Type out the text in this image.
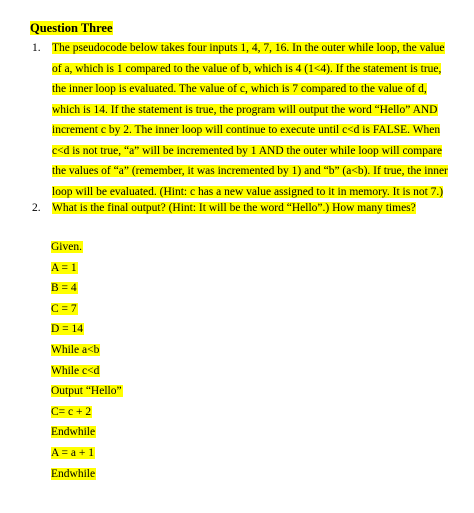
Question Three
1. The pseudocode below takes four inputs 1, 4, 7, 16. In the outer while loop, the value
of a, which is 1 compared to the value of b, which is 4 (1<4). If the statement is true,
the inner loop is evaluated. The value of c, which is 7 compared to the value of d,
which is 14. If the statement is true, the program will output the word “Hello” AND
increment c by 2. The inner loop will continue to execute until c<d is FALSE. When
c<d is not true, “a” will be incremented by 1 AND the outer while loop will compare
the values of “a” (remember, it was incremented by 1) and “b” (a<b). If true, the inner
loop will be evaluated. (Hint: c has a new value assigned to it in memory. It is not 7.)
2. What is the final output? (Hint: It will be the word “Hello”.) How many times?
Given.
A = 1
B = 4
C = 7
D = 14
While a<b
While c<d
Output “Hello”
C= c + 2
Endwhile
A = a + 1
Endwhile
